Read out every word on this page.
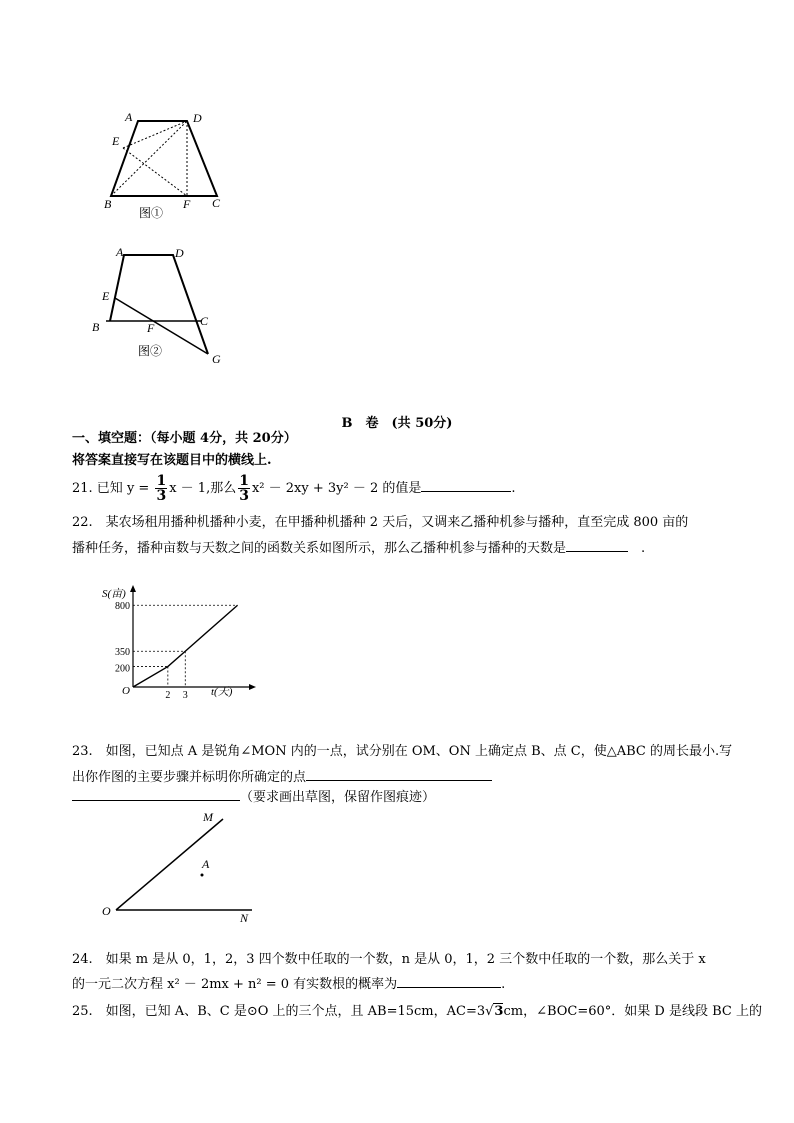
A	D
E
B	F C
图①
A	D
E
B	F	C
G
图②
B　卷　(共 50分)
一、填空题：（每小题 4分，共 20分）
将答案直接写在该题目中的横线上.
21. 已知 $y = \frac{1}{3}$ x － 1,那么 $\frac{1}{3} x^2 - 2xy + 3y^2 - 2$ 的值是	.
22.　某农场租用播种机播种小麦，在甲播种机播种 2 天后，又调来乙播种机参与播种，直至完成 800 亩的
播种任务，播种亩数与天数之间的函数关系如图所示，那么乙播种机参与播种的天数是　	.
800
350
200
2 3
S(亩)
t(天)
O
23.　如图，已知点 A 是锐角∠MON 内的一点，试分别在 OM、ON 上确定点 B、点 C，使△ABC 的周长最小.写
出你作图的主要步骤并标明你所确定的点
（要求画出草图，保留作图痕迹）
M
A
O	N
24.　如果 m 是从 0，1，2，3 四个数中任取的一个数，n 是从 0，1，2 三个数中任取的一个数，那么关于 x
的一元二次方程 x² － 2mx + n² = 0 有实数根的概率为	.
25.　如图，已知 A、B、C 是⊙O 上的三个点，且 AB=15cm，AC=3√3cm，∠BOC=60°．如果 D 是线段 BC 上的
